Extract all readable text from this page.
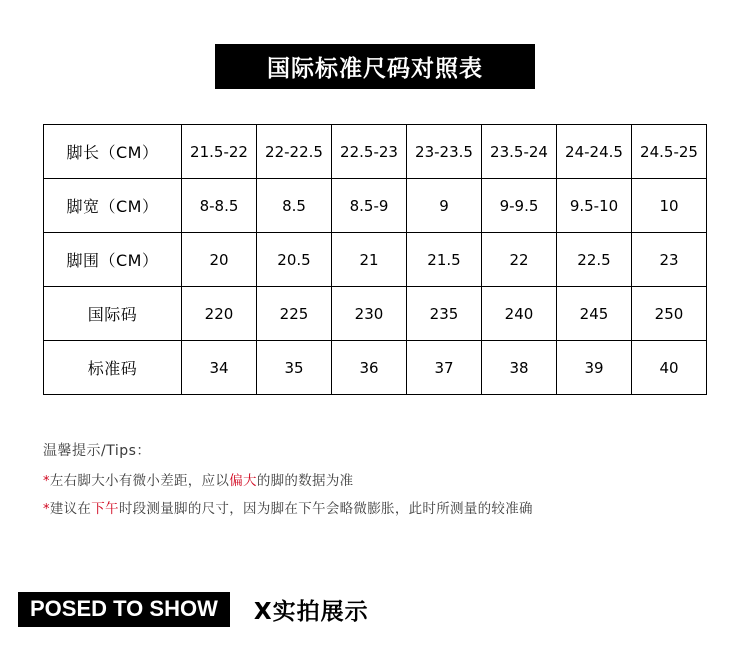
国际标准尺码对照表
脚长（CM）	21.5-22	22-22.5	22.5-23	23-23.5	23.5-24	24-24.5	24.5-25
脚宽（CM）	8-8.5	8.5	8.5-9	9	9-9.5	9.5-10	10
脚围（CM）	20	20.5	21	21.5	22	22.5	23
国际码	220	225	230	235	240	245	250
标准码	34	35	36	37	38	39	40
温馨提示/Tips：
*左右脚大小有微小差距，应以偏大的脚的数据为准
*建议在下午时段测量脚的尺寸，因为脚在下午会略微膨胀，此时所测量的较准确
POSED TO SHOW	X实拍展示
